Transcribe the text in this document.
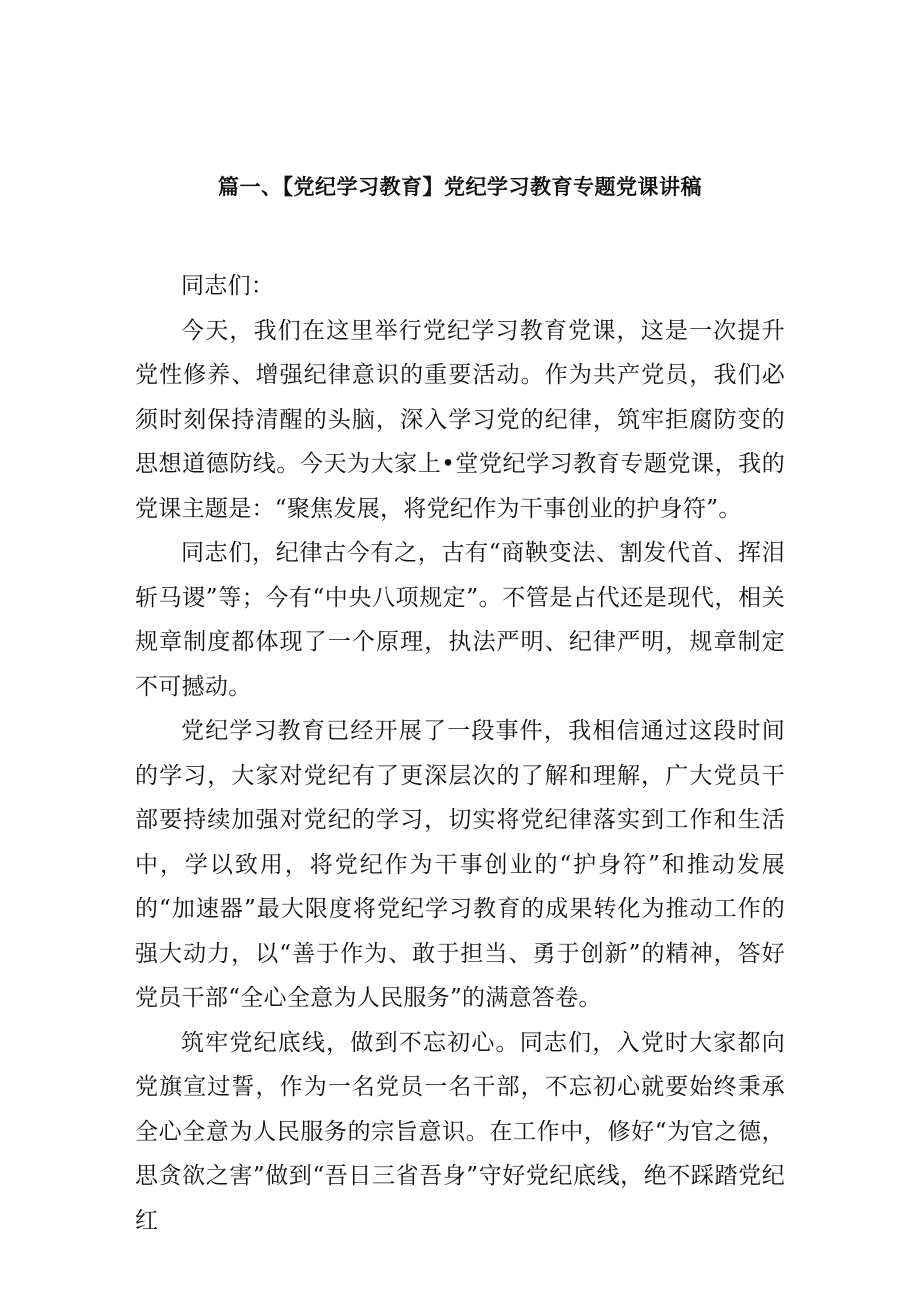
篇一、【党纪学习教育】党纪学习教育专题党课讲稿

同志们：

今天，我们在这里举行党纪学习教育党课，这是一次提升党性修养、增强纪律意识的重要活动。作为共产党员，我们必须时刻保持清醒的头脑，深入学习党的纪律，筑牢拒腐防变的思想道德防线。今天为大家上•堂党纪学习教育专题党课，我的党课主题是：“聚焦发展，将党纪作为干事创业的护身符”。

同志们，纪律古今有之，古有“商鞅变法、割发代首、挥泪斩马谡”等；今有“中央八项规定”。不管是占代还是现代，相关规章制度都体现了一个原理，执法严明、纪律严明，规章制定不可撼动。

党纪学习教育已经开展了一段事件，我相信通过这段时间的学习，大家对党纪有了更深层次的了解和理解，广大党员干部要持续加强对党纪的学习，切实将党纪律落实到工作和生活中，学以致用，将党纪作为干事创业的“护身符”和推动发展的“加速器”最大限度将党纪学习教育的成果转化为推动工作的强大动力，以“善于作为、敢于担当、勇于创新”的精神，答好党员干部“全心全意为人民服务”的满意答卷。

筑牢党纪底线，做到不忘初心。同志们，入党时大家都向党旗宣过誓，作为一名党员一名干部，不忘初心就要始终秉承全心全意为人民服务的宗旨意识。在工作中，修好“为官之德，思贪欲之害”做到“吾日三省吾身”守好党纪底线，绝不踩踏党纪红
